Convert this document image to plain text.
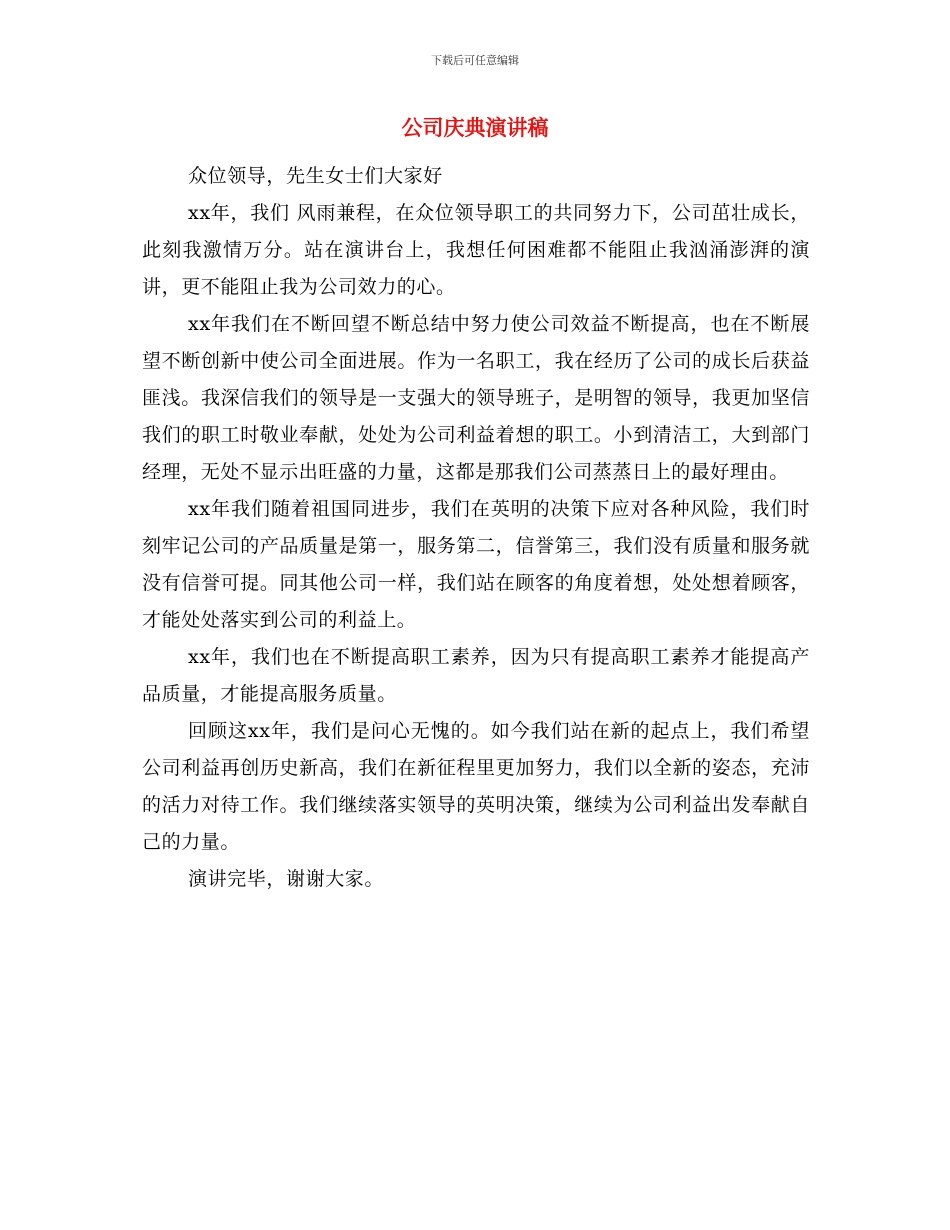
下载后可任意编辑
公司庆典演讲稿

众位领导，先生女士们大家好

xx年，我们 风雨兼程，在众位领导职工的共同努力下，公司茁壮成长，此刻我激情万分。站在演讲台上，我想任何困难都不能阻止我汹涌澎湃的演讲，更不能阻止我为公司效力的心。

xx年我们在不断回望不断总结中努力使公司效益不断提高，也在不断展望不断创新中使公司全面进展。作为一名职工，我在经历了公司的成长后获益匪浅。我深信我们的领导是一支强大的领导班子，是明智的领导，我更加坚信我们的职工时敬业奉献，处处为公司利益着想的职工。小到清洁工，大到部门经理，无处不显示出旺盛的力量，这都是那我们公司蒸蒸日上的最好理由。

xx年我们随着祖国同进步，我们在英明的决策下应对各种风险，我们时刻牢记公司的产品质量是第一，服务第二，信誉第三，我们没有质量和服务就没有信誉可提。同其他公司一样，我们站在顾客的角度着想，处处想着顾客，才能处处落实到公司的利益上。

xx年，我们也在不断提高职工素养，因为只有提高职工素养才能提高产品质量，才能提高服务质量。

回顾这xx年，我们是问心无愧的。如今我们站在新的起点上，我们希望公司利益再创历史新高，我们在新征程里更加努力，我们以全新的姿态，充沛的活力对待工作。我们继续落实领导的英明决策，继续为公司利益出发奉献自己的力量。

演讲完毕，谢谢大家。
